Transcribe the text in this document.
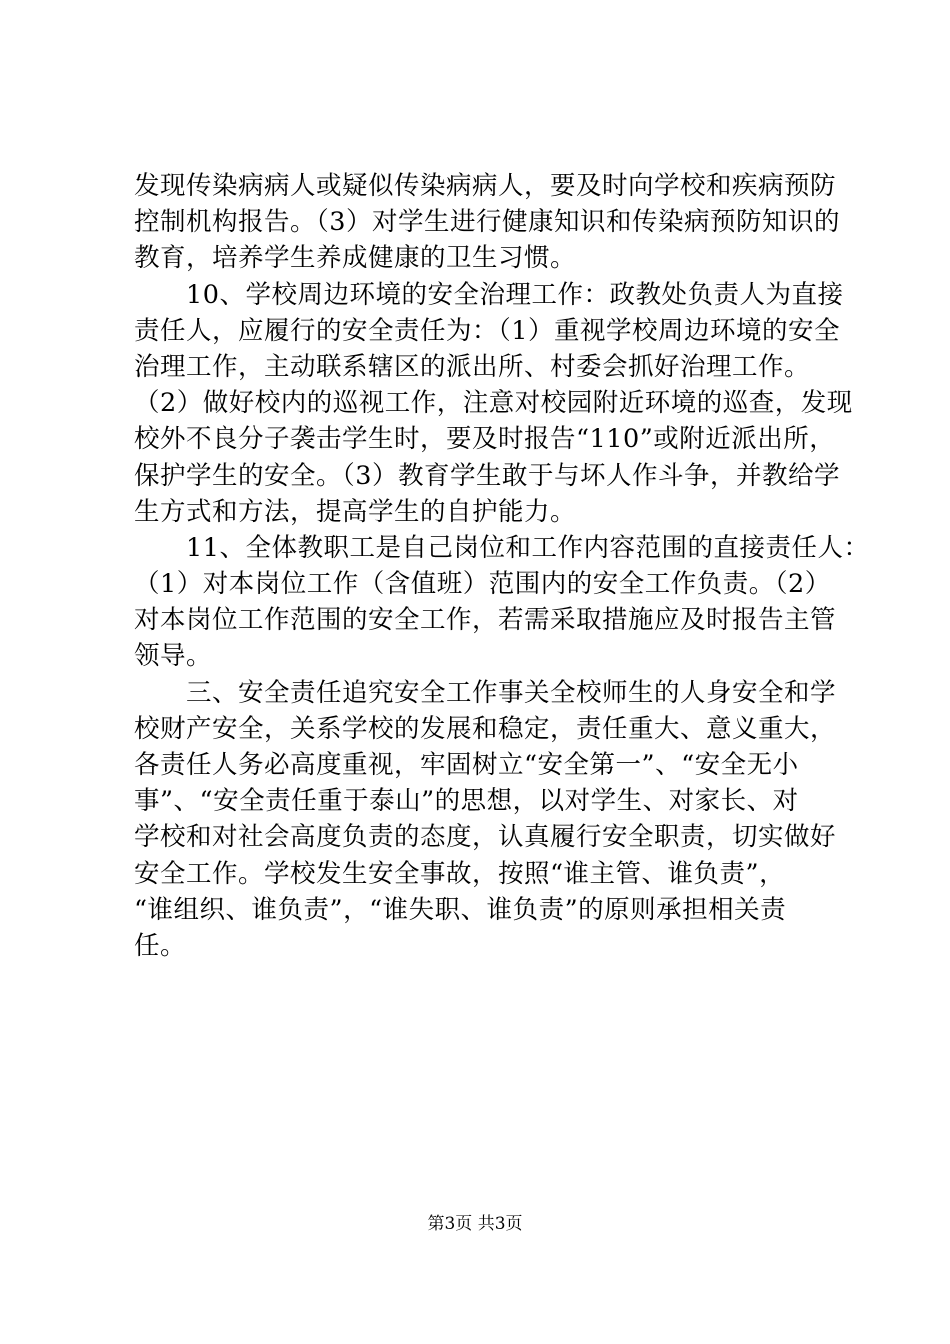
发现传染病病人或疑似传染病病人，要及时向学校和疾病预防
控制机构报告。（3）对学生进行健康知识和传染病预防知识的
教育，培养学生养成健康的卫生习惯。
　　10、学校周边环境的安全治理工作：政教处负责人为直接
责任人，应履行的安全责任为：（1）重视学校周边环境的安全
治理工作，主动联系辖区的派出所、村委会抓好治理工作。
（2）做好校内的巡视工作，注意对校园附近环境的巡查，发现
校外不良分子袭击学生时，要及时报告“110”或附近派出所，
保护学生的安全。（3）教育学生敢于与坏人作斗争，并教给学
生方式和方法，提高学生的自护能力。
　　11、全体教职工是自己岗位和工作内容范围的直接责任人：
（1）对本岗位工作（含值班）范围内的安全工作负责。（2）
对本岗位工作范围的安全工作，若需采取措施应及时报告主管
领导。
　　三、安全责任追究安全工作事关全校师生的人身安全和学
校财产安全，关系学校的发展和稳定，责任重大、意义重大，
各责任人务必高度重视，牢固树立“安全第一”、“安全无小
事”、“安全责任重于泰山”的思想，以对学生、对家长、对
学校和对社会高度负责的态度，认真履行安全职责，切实做好
安全工作。学校发生安全事故，按照“谁主管、谁负责”，
“谁组织、谁负责”，“谁失职、谁负责”的原则承担相关责
任。
第3页 共3页
